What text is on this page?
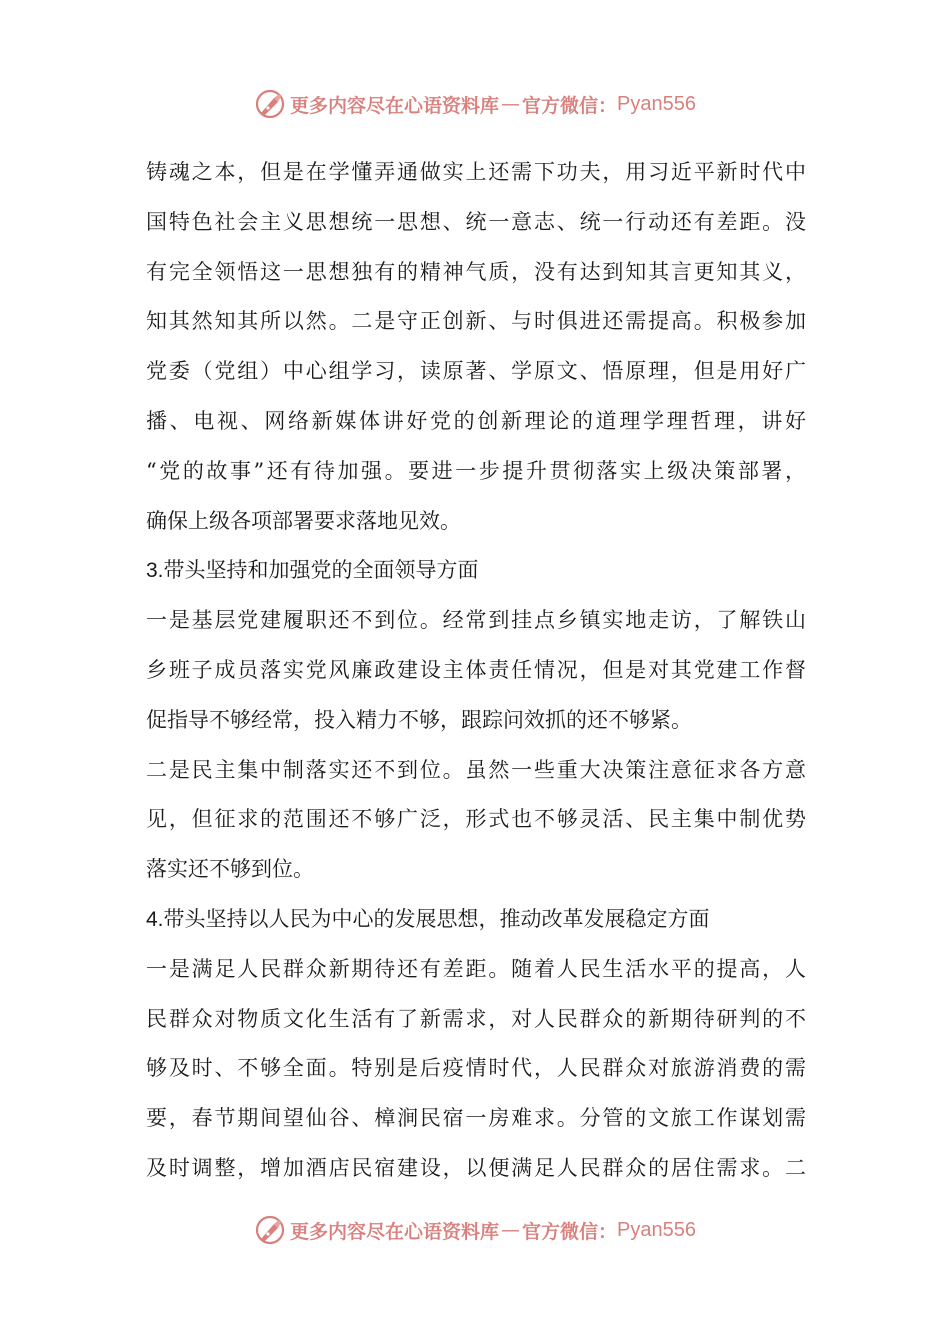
更多内容尽在心语资料库 — 官方微信： Pyan556
铸魂之本，但是在学懂弄通做实上还需下功夫，用习近平新时代中
国特色社会主义思想统一思想、统一意志、统一行动还有差距。没
有完全领悟这一思想独有的精神气质，没有达到知其言更知其义，
知其然知其所以然。二是守正创新、与时俱进还需提高。积极参加
党委（党组）中心组学习，读原著、学原文、悟原理，但是用好广
播、电视、网络新媒体讲好党的创新理论的道理学理哲理，讲好
“党的故事”还有待加强。要进一步提升贯彻落实上级决策部署，
确保上级各项部署要求落地见效。
3.带头坚持和加强党的全面领导方面
一是基层党建履职还不到位。经常到挂点乡镇实地走访，了解铁山
乡班子成员落实党风廉政建设主体责任情况，但是对其党建工作督
促指导不够经常，投入精力不够，跟踪问效抓的还不够紧。
二是民主集中制落实还不到位。虽然一些重大决策注意征求各方意
见，但征求的范围还不够广泛，形式也不够灵活、民主集中制优势
落实还不够到位。
4.带头坚持以人民为中心的发展思想，推动改革发展稳定方面
一是满足人民群众新期待还有差距。随着人民生活水平的提高，人
民群众对物质文化生活有了新需求，对人民群众的新期待研判的不
够及时、不够全面。特别是后疫情时代，人民群众对旅游消费的需
要，春节期间望仙谷、樟涧民宿一房难求。分管的文旅工作谋划需
及时调整，增加酒店民宿建设，以便满足人民群众的居住需求。二
更多内容尽在心语资料库 — 官方微信： Pyan556
